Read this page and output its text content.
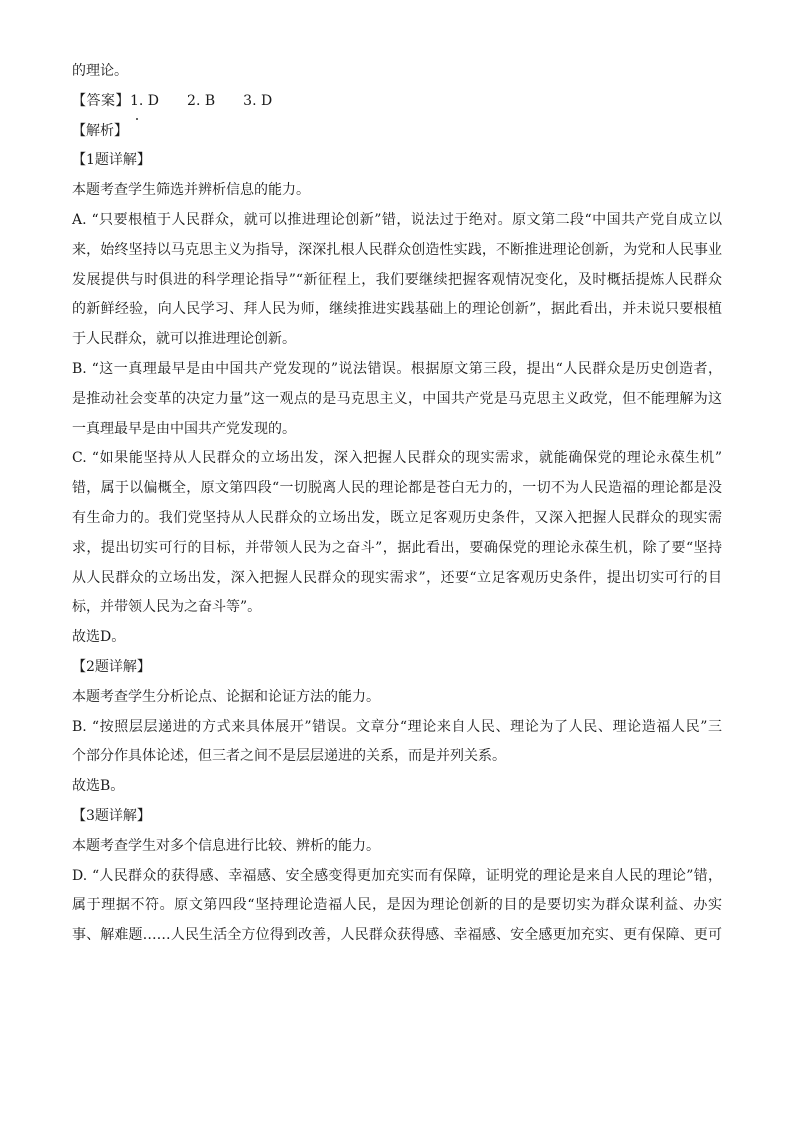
的理论。
【答案】1. D 2. B 3. D
【解析】
【1题详解】
本题考查学生筛选并辨析信息的能力。
A. “只要根植于人民群众，就可以推进理论创新”错，说法过于绝对。原文第二段“中国共产党自成立以
来，始终坚持以马克思主义为指导，深深扎根人民群众创造性实践，不断推进理论创新，为党和人民事业
发展提供与时俱进的科学理论指导”“新征程上，我们要继续把握客观情况变化，及时概括提炼人民群众
的新鲜经验，向人民学习、拜人民为师，继续推进实践基础上的理论创新”，据此看出，并未说只要根植
于人民群众，就可以推进理论创新。
B. “这一真理最早是由中国共产党发现的”说法错误。根据原文第三段，提出“人民群众是历史创造者，
是推动社会变革的决定力量”这一观点的是马克思主义，中国共产党是马克思主义政党，但不能理解为这
一真理最早是由中国共产党发现的。
C. “如果能坚持从人民群众的立场出发，深入把握人民群众的现实需求，就能确保党的理论永葆生机”
错，属于以偏概全，原文第四段“一切脱离人民的理论都是苍白无力的，一切不为人民造福的理论都是没
有生命力的。我们党坚持从人民群众的立场出发，既立足客观历史条件，又深入把握人民群众的现实需
求，提出切实可行的目标，并带领人民为之奋斗”，据此看出，要确保党的理论永葆生机，除了要“坚持
从人民群众的立场出发，深入把握人民群众的现实需求”，还要“立足客观历史条件，提出切实可行的目
标，并带领人民为之奋斗等”。
故选D。
【2题详解】
本题考查学生分析论点、论据和论证方法的能力。
B. “按照层层递进的方式来具体展开”错误。文章分“理论来自人民、理论为了人民、理论造福人民”三
个部分作具体论述，但三者之间不是层层递进的关系，而是并列关系。
故选B。
【3题详解】
本题考查学生对多个信息进行比较、辨析的能力。
D. “人民群众的获得感、幸福感、安全感变得更加充实而有保障，证明党的理论是来自人民的理论”错，
属于理据不符。原文第四段“坚持理论造福人民，是因为理论创新的目的是要切实为群众谋利益、办实
事、解难题……人民生活全方位得到改善，人民群众获得感、幸福感、安全感更加充实、更有保障、更可
